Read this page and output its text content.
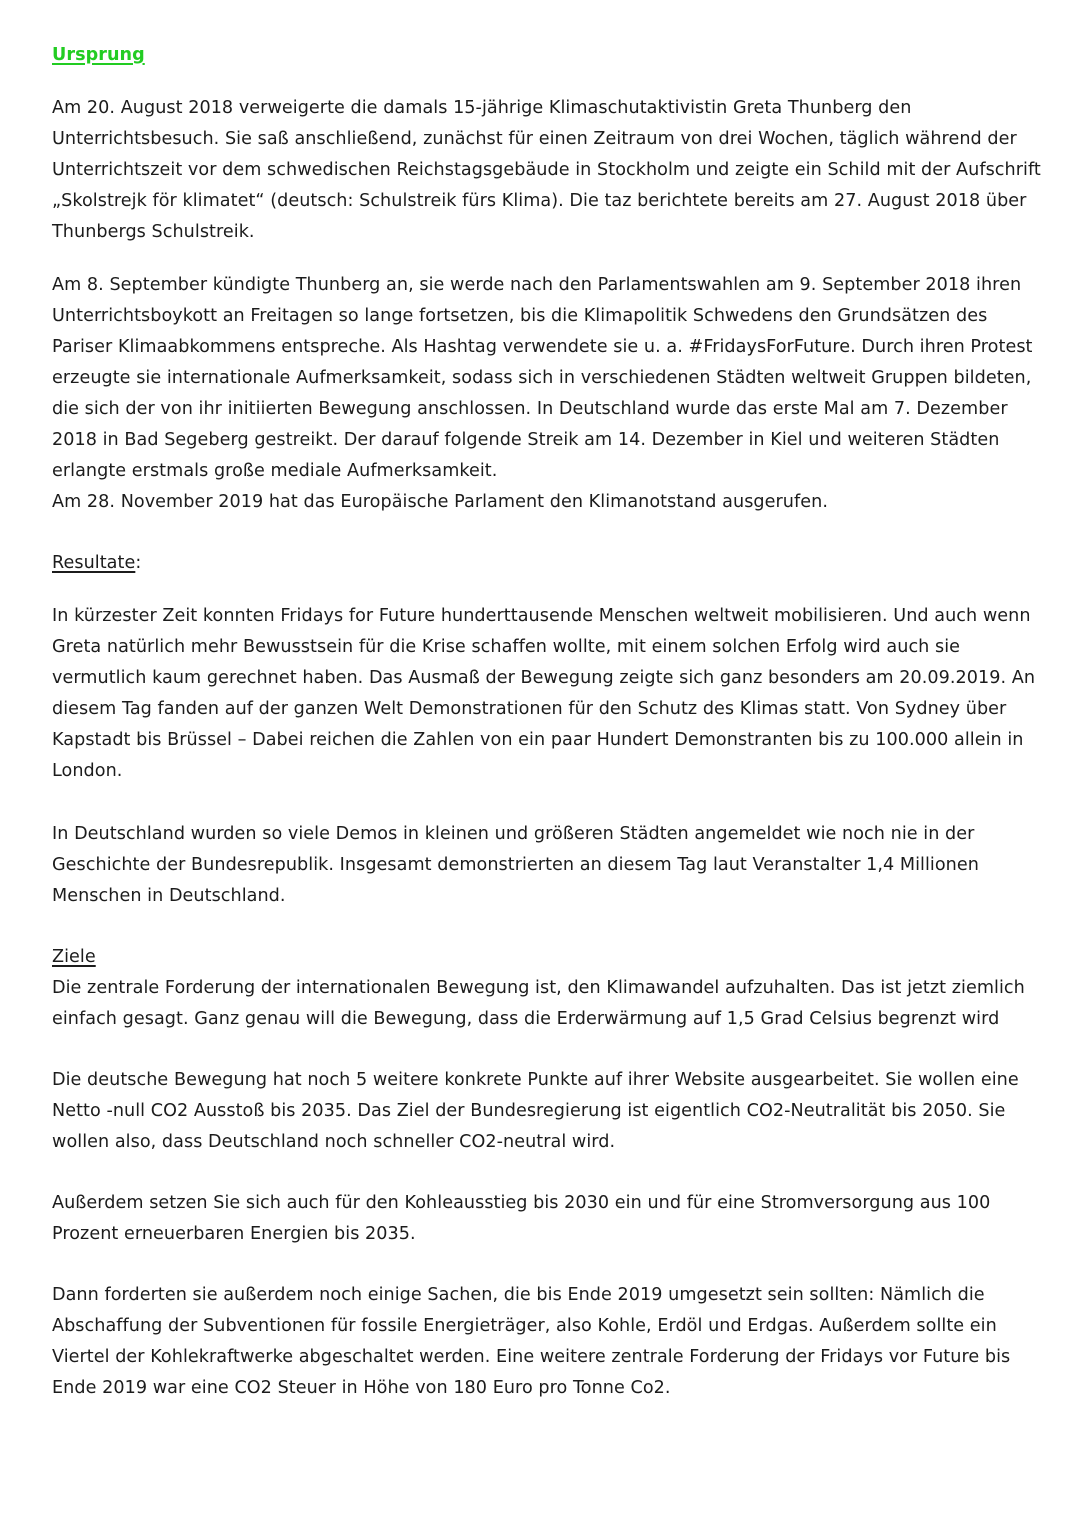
Ursprung

Am 20. August 2018 verweigerte die damals 15-jährige Klimaschutaktivistin Greta Thunberg den Unterrichtsbesuch. Sie saß anschließend, zunächst für einen Zeitraum von drei Wochen, täglich während der Unterrichtszeit vor dem schwedischen Reichstagsgebäude in Stockholm und zeigte ein Schild mit der Aufschrift „Skolstrejk för klimatet“ (deutsch: Schulstreik fürs Klima). Die taz berichtete bereits am 27. August 2018 über Thunbergs Schulstreik.

Am 8. September kündigte Thunberg an, sie werde nach den Parlamentswahlen am 9. September 2018 ihren Unterrichtsboykott an Freitagen so lange fortsetzen, bis die Klimapolitik Schwedens den Grundsätzen des Pariser Klimaabkommens entspreche. Als Hashtag verwendete sie u. a. #FridaysForFuture. Durch ihren Protest erzeugte sie internationale Aufmerksamkeit, sodass sich in verschiedenen Städten weltweit Gruppen bildeten, die sich der von ihr initiierten Bewegung anschlossen. In Deutschland wurde das erste Mal am 7. Dezember 2018 in Bad Segeberg gestreikt. Der darauf folgende Streik am 14. Dezember in Kiel und weiteren Städten erlangte erstmals große mediale Aufmerksamkeit.

Am 28. November 2019 hat das Europäische Parlament den Klimanotstand ausgerufen.

Resultate:

In kürzester Zeit konnten Fridays for Future hunderttausende Menschen weltweit mobilisieren. Und auch wenn Greta natürlich mehr Bewusstsein für die Krise schaffen wollte, mit einem solchen Erfolg wird auch sie vermutlich kaum gerechnet haben. Das Ausmaß der Bewegung zeigte sich ganz besonders am 20.09.2019. An diesem Tag fanden auf der ganzen Welt Demonstrationen für den Schutz des Klimas statt. Von Sydney über Kapstadt bis Brüssel – Dabei reichen die Zahlen von ein paar Hundert Demonstranten bis zu 100.000 allein in London.

In Deutschland wurden so viele Demos in kleinen und größeren Städten angemeldet wie noch nie in der Geschichte der Bundesrepublik. Insgesamt demonstrierten an diesem Tag laut Veranstalter 1,4 Millionen Menschen in Deutschland.

Ziele

Die zentrale Forderung der internationalen Bewegung ist, den Klimawandel aufzuhalten. Das ist jetzt ziemlich einfach gesagt. Ganz genau will die Bewegung, dass die Erderwärmung auf 1,5 Grad Celsius begrenzt wird

Die deutsche Bewegung hat noch 5 weitere konkrete Punkte auf ihrer Website ausgearbeitet. Sie wollen eine Netto -null CO2 Ausstoß bis 2035. Das Ziel der Bundesregierung ist eigentlich CO2-Neutralität bis 2050. Sie wollen also, dass Deutschland noch schneller CO2-neutral wird.

Außerdem setzen Sie sich auch für den Kohleausstieg bis 2030 ein und für eine Stromversorgung aus 100 Prozent erneuerbaren Energien bis 2035.

Dann forderten sie außerdem noch einige Sachen, die bis Ende 2019 umgesetzt sein sollten: Nämlich die Abschaffung der Subventionen für fossile Energieträger, also Kohle, Erdöl und Erdgas. Außerdem sollte ein Viertel der Kohlekraftwerke abgeschaltet werden. Eine weitere zentrale Forderung der Fridays vor Future bis Ende 2019 war eine CO2 Steuer in Höhe von 180 Euro pro Tonne Co2.
